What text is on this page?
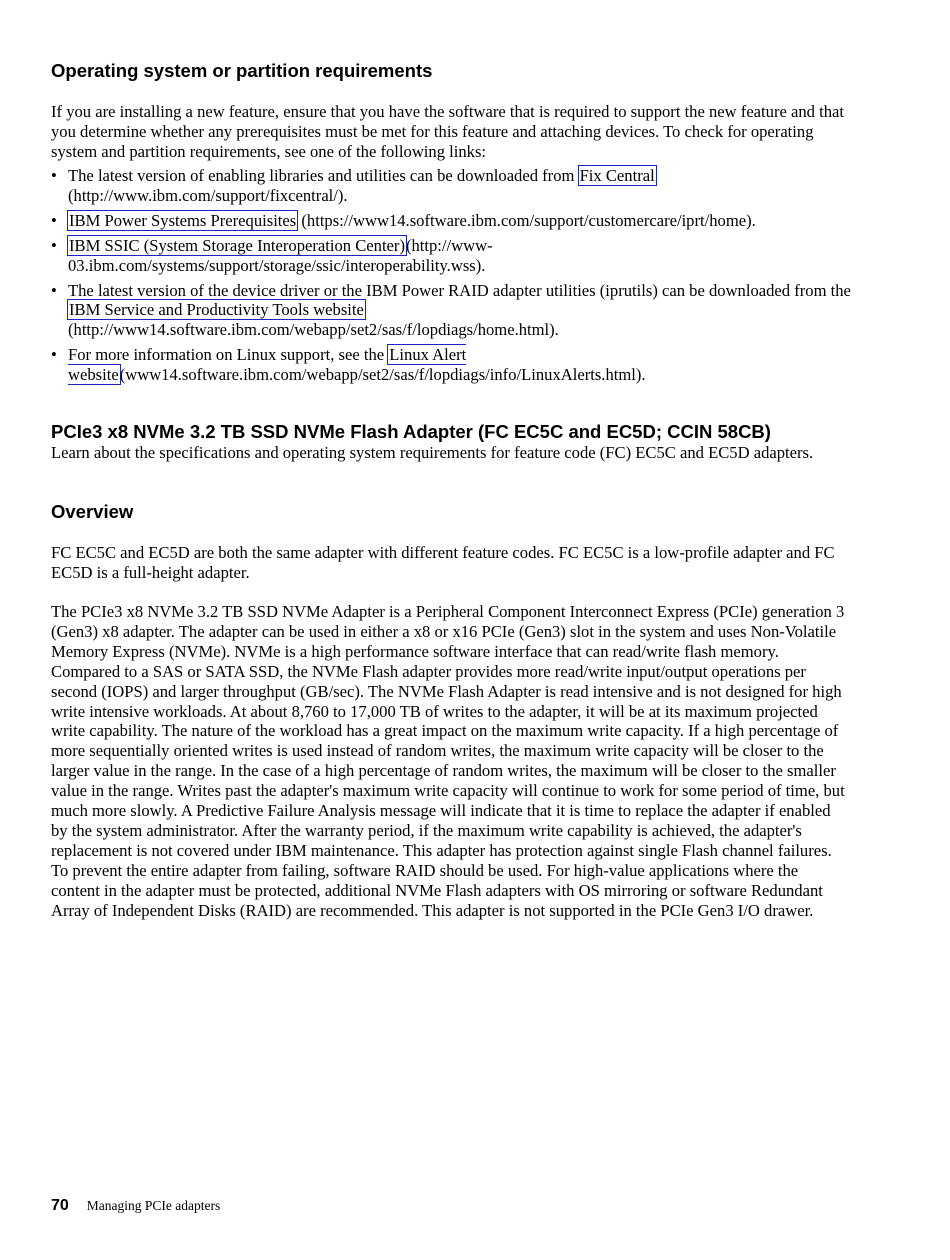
Operating system or partition requirements
If you are installing a new feature, ensure that you have the software that is required to support the new feature and that you determine whether any prerequisites must be met for this feature and attaching devices. To check for operating system and partition requirements, see one of the following links:
• The latest version of enabling libraries and utilities can be downloaded from Fix Central (http://www.ibm.com/support/fixcentral/).
• IBM Power Systems Prerequisites (https://www14.software.ibm.com/support/customercare/iprt/home).
• IBM SSIC (System Storage Interoperation Center)(http://www-03.ibm.com/systems/support/storage/ssic/interoperability.wss).
• The latest version of the device driver or the IBM Power RAID adapter utilities (iprutils) can be downloaded from the IBM Service and Productivity Tools website (http://www14.software.ibm.com/webapp/set2/sas/f/lopdiags/home.html).
• For more information on Linux support, see the Linux Alert website(www14.software.ibm.com/webapp/set2/sas/f/lopdiags/info/LinuxAlerts.html).
PCIe3 x8 NVMe 3.2 TB SSD NVMe Flash Adapter (FC EC5C and EC5D; CCIN 58CB)
Learn about the specifications and operating system requirements for feature code (FC) EC5C and EC5D adapters.
Overview
FC EC5C and EC5D are both the same adapter with different feature codes. FC EC5C is a low-profile adapter and FC EC5D is a full-height adapter.
The PCIe3 x8 NVMe 3.2 TB SSD NVMe Adapter is a Peripheral Component Interconnect Express (PCIe) generation 3 (Gen3) x8 adapter. The adapter can be used in either a x8 or x16 PCIe (Gen3) slot in the system and uses Non-Volatile Memory Express (NVMe). NVMe is a high performance software interface that can read/write flash memory. Compared to a SAS or SATA SSD, the NVMe Flash adapter provides more read/write input/output operations per second (IOPS) and larger throughput (GB/sec). The NVMe Flash Adapter is read intensive and is not designed for high write intensive workloads. At about 8,760 to 17,000 TB of writes to the adapter, it will be at its maximum projected write capability. The nature of the workload has a great impact on the maximum write capacity. If a high percentage of more sequentially oriented writes is used instead of random writes, the maximum write capacity will be closer to the larger value in the range. In the case of a high percentage of random writes, the maximum will be closer to the smaller value in the range. Writes past the adapter's maximum write capacity will continue to work for some period of time, but much more slowly. A Predictive Failure Analysis message will indicate that it is time to replace the adapter if enabled by the system administrator. After the warranty period, if the maximum write capability is achieved, the adapter's replacement is not covered under IBM maintenance. This adapter has protection against single Flash channel failures. To prevent the entire adapter from failing, software RAID should be used. For high-value applications where the content in the adapter must be protected, additional NVMe Flash adapters with OS mirroring or software Redundant Array of Independent Disks (RAID) are recommended. This adapter is not supported in the PCIe Gen3 I/O drawer.
70 Managing PCIe adapters
